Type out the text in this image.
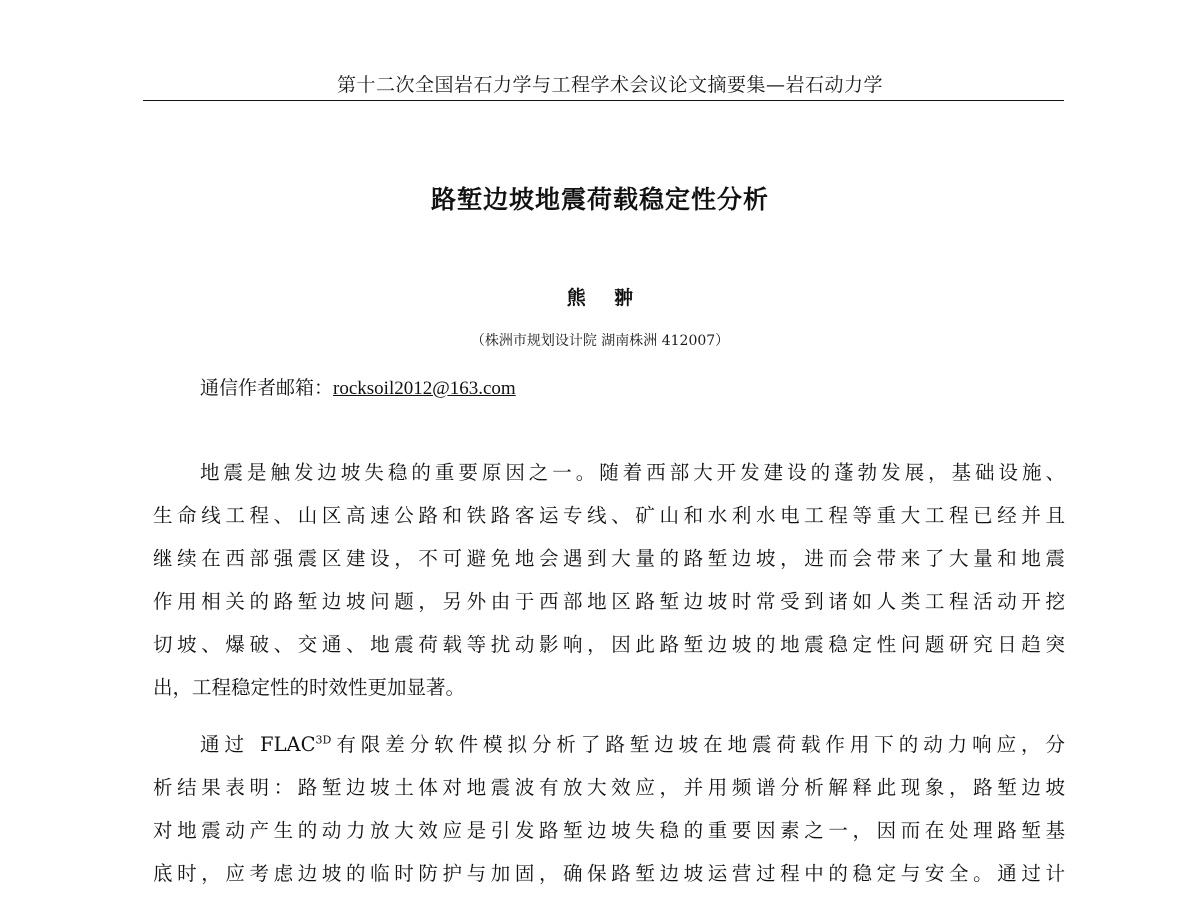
第十二次全国岩石力学与工程学术会议论文摘要集—岩石动力学
路堑边坡地震荷载稳定性分析
熊 翀
（株洲市规划设计院 湖南株洲 412007）
通信作者邮箱：rocksoil2012@163.com
地震是触发边坡失稳的重要原因之一。随着西部大开发建设的蓬勃发展，基础设施、
生命线工程、山区高速公路和铁路客运专线、矿山和水利水电工程等重大工程已经并且
继续在西部强震区建设，不可避免地会遇到大量的路堑边坡，进而会带来了大量和地震
作用相关的路堑边坡问题，另外由于西部地区路堑边坡时常受到诸如人类工程活动开挖
切坡、爆破、交通、地震荷载等扰动影响，因此路堑边坡的地震稳定性问题研究日趋突
出，工程稳定性的时效性更加显著。
通过 $FLAC^{3D}$有限差分软件模拟分析了路堑边坡在地震荷载作用下的动力响应，分
析结果表明：路堑边坡土体对地震波有放大效应，并用频谱分析解释此现象，路堑边坡
对地震动产生的动力放大效应是引发路堑边坡失稳的重要因素之一，因而在处理路堑基
底时，应考虑边坡的临时防护与加固，确保路堑边坡运营过程中的稳定与安全。通过计
